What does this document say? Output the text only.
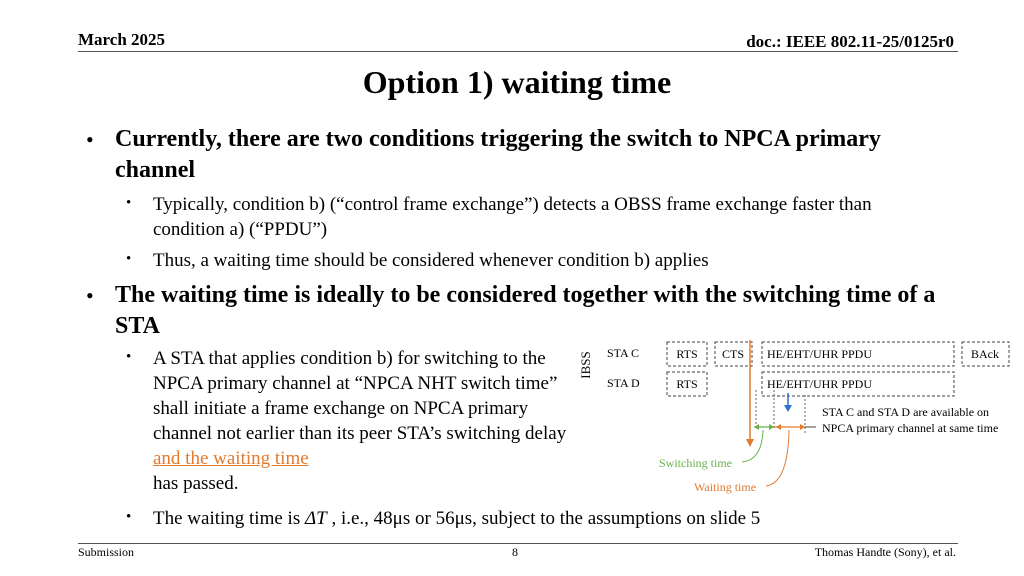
March 2025	doc.: IEEE 802.11-25/0125r0
Option 1) waiting time
• Currently, there are two conditions triggering the switch to NPCA primary channel
• Typically, condition b) (“control frame exchange”) detects a OBSS frame exchange faster than condition a) (“PPDU”)
• Thus, a waiting time should be considered whenever condition b) applies
• The waiting time is ideally to be considered together with the switching time of a STA
• A STA that applies condition b) for switching to the NPCA primary channel at “NPCA NHT switch time” shall initiate a frame exchange on NPCA primary channel not earlier than its peer STA’s switching delay and the waiting time
has passed.
• The waiting time is ΔT , i.e., 48μs or 56μs, subject to the assumptions on slide 5
IBSS STA C
STA D
RTS CTS HE/EHT/UHR PPDU	BAck
RTS	HE/EHT/UHR PPDU
STA C and STA D are available on
NPCA primary channel at same time
Switching time
Waiting time
Submission	8	Thomas Handte (Sony), et al.
